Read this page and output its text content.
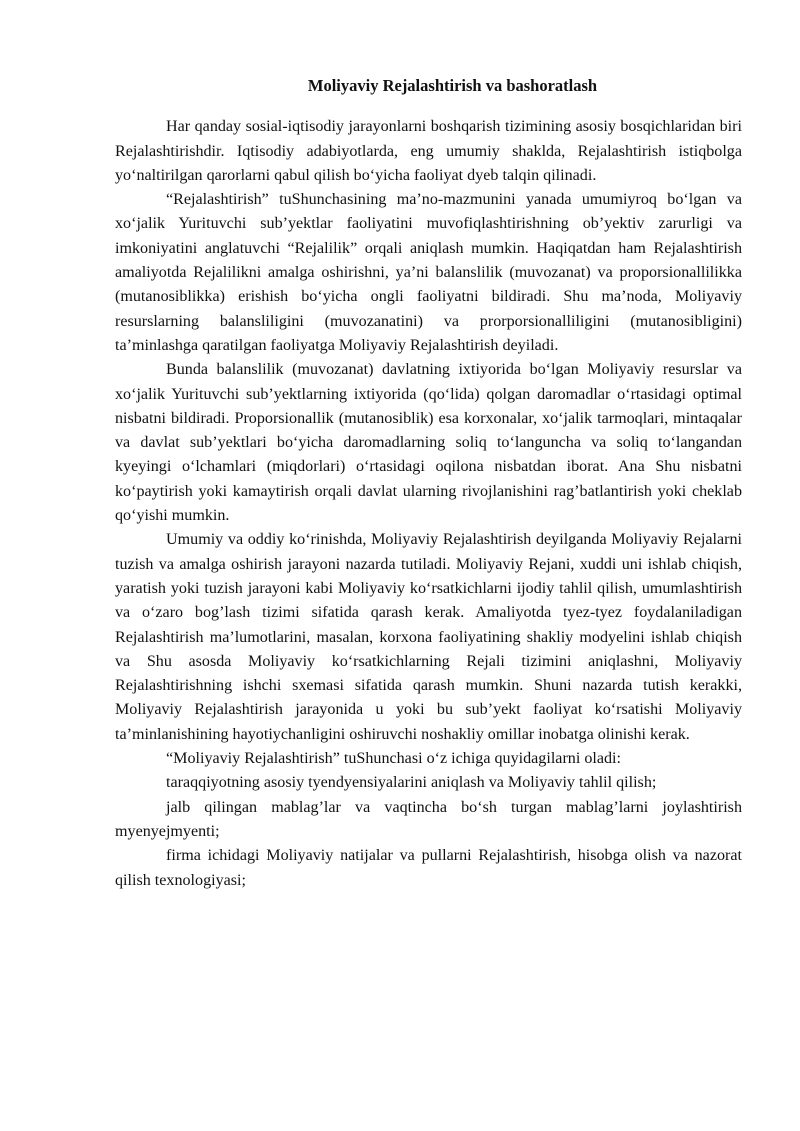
Moliyaviy Rejalashtirish va bashoratlash

Har qanday sosial-iqtisodiy jarayonlarni boshqarish tizimining asosiy bosqichlaridan biri Rejalashtirishdir. Iqtisodiy adabiyotlarda, eng umumiy shaklda, Rejalashtirish istiqbolga yoʻnaltirilgan qarorlarni qabul qilish boʻyicha faoliyat dyeb talqin qilinadi.

“Rejalashtirish” tuShunchasining maʼno-mazmunini yanada umumiyroq boʻlgan va xoʻjalik Yurituvchi subʼyektlar faoliyatini muvofiqlashtirishning obʼyektiv zarurligi va imkoniyatini anglatuvchi “Rejalilik” orqali aniqlash mumkin. Haqiqatdan ham Rejalashtirish amaliyotda Rejalilikni amalga oshirishni, yaʼni balanslilik (muvozanat) va proporsionallilikka (mutanosiblikka) erishish boʻyicha ongli faoliyatni bildiradi. Shu maʼnoda, Moliyaviy resurslarning balansliligini (muvozanatini) va prorporsionalliligini (mutanosibligini) taʼminlashga qaratilgan faoliyatga Moliyaviy Rejalashtirish deyiladi.

Bunda balanslilik (muvozanat) davlatning ixtiyorida boʻlgan Moliyaviy resurslar va xoʻjalik Yurituvchi subʼyektlarning ixtiyorida (qoʻlida) qolgan daromadlar oʻrtasidagi optimal nisbatni bildiradi. Proporsionallik (mutanosiblik) esa korxonalar, xoʻjalik tarmoqlari, mintaqalar va davlat subʼyektlari boʻyicha daromadlarning soliq toʻlanguncha va soliq toʻlangandan kyeyingi oʻlchamlari (miqdorlari) oʻrtasidagi oqilona nisbatdan iborat. Ana Shu nisbatni koʻpaytirish yoki kamaytirish orqali davlat ularning rivojlanishini ragʼbatlantirish yoki cheklab qoʻyishi mumkin.

Umumiy va oddiy koʻrinishda, Moliyaviy Rejalashtirish deyilganda Moliyaviy Rejalarni tuzish va amalga oshirish jarayoni nazarda tutiladi. Moliyaviy Rejani, xuddi uni ishlab chiqish, yaratish yoki tuzish jarayoni kabi Moliyaviy koʻrsatkichlarni ijodiy tahlil qilish, umumlashtirish va oʻzaro bogʼlash tizimi sifatida qarash kerak. Amaliyotda tyez-tyez foydalaniladigan Rejalashtirish maʼlumotlarini, masalan, korxona faoliyatining shakliy modyelini ishlab chiqish va Shu asosda Moliyaviy koʻrsatkichlarning Rejali tizimini aniqlashni, Moliyaviy Rejalashtirishning ishchi sxemasi sifatida qarash mumkin. Shuni nazarda tutish kerakki, Moliyaviy Rejalashtirish jarayonida u yoki bu subʼyekt faoliyat koʻrsatishi Moliyaviy taʼminlanishining hayotiychanligini oshiruvchi noshakliy omillar inobatga olinishi kerak.

“Moliyaviy Rejalashtirish” tuShunchasi oʻz ichiga quyidagilarni oladi:

taraqqiyotning asosiy tyendyensiyalarini aniqlash va Moliyaviy tahlil qilish;

jalb qilingan mablagʼlar va vaqtincha boʻsh turgan mablagʼlarni joylashtirish myenyejmyenti;

firma ichidagi Moliyaviy natijalar va pullarni Rejalashtirish, hisobga olish va nazorat qilish texnologiyasi;
